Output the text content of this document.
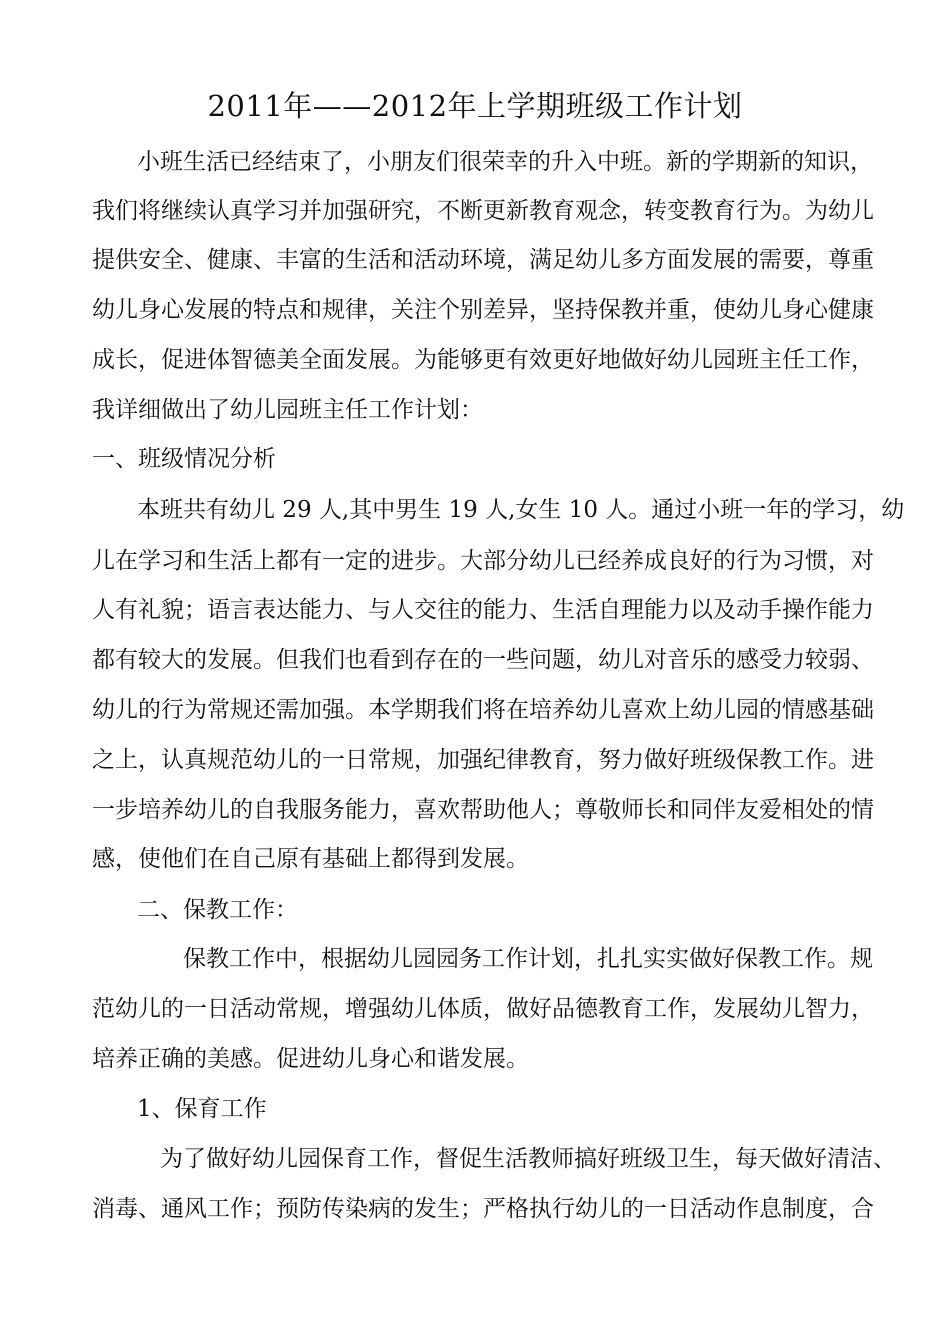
2011年——2012年上学期班级工作计划

小班生活已经结束了，小朋友们很荣幸的升入中班。新的学期新的知识，

我们将继续认真学习并加强研究，不断更新教育观念，转变教育行为。为幼儿

提供安全、健康、丰富的生活和活动环境，满足幼儿多方面发展的需要，尊重

幼儿身心发展的特点和规律，关注个别差异，坚持保教并重，使幼儿身心健康

成长，促进体智德美全面发展。为能够更有效更好地做好幼儿园班主任工作，

我详细做出了幼儿园班主任工作计划：

一、班级情况分析

本班共有幼儿 29 人,其中男生 19 人,女生 10 人。通过小班一年的学习，幼

儿在学习和生活上都有一定的进步。大部分幼儿已经养成良好的行为习惯，对

人有礼貌；语言表达能力、与人交往的能力、生活自理能力以及动手操作能力

都有较大的发展。但我们也看到存在的一些问题，幼儿对音乐的感受力较弱、

幼儿的行为常规还需加强。本学期我们将在培养幼儿喜欢上幼儿园的情感基础

之上，认真规范幼儿的一日常规，加强纪律教育，努力做好班级保教工作。进

一步培养幼儿的自我服务能力，喜欢帮助他人；尊敬师长和同伴友爱相处的情

感，使他们在自己原有基础上都得到发展。

二、保教工作：

保教工作中，根据幼儿园园务工作计划，扎扎实实做好保教工作。规

范幼儿的一日活动常规，增强幼儿体质，做好品德教育工作，发展幼儿智力，

培养正确的美感。促进幼儿身心和谐发展。

1、保育工作

为了做好幼儿园保育工作，督促生活教师搞好班级卫生，每天做好清洁、

消毒、通风工作；预防传染病的发生；严格执行幼儿的一日活动作息制度，合
